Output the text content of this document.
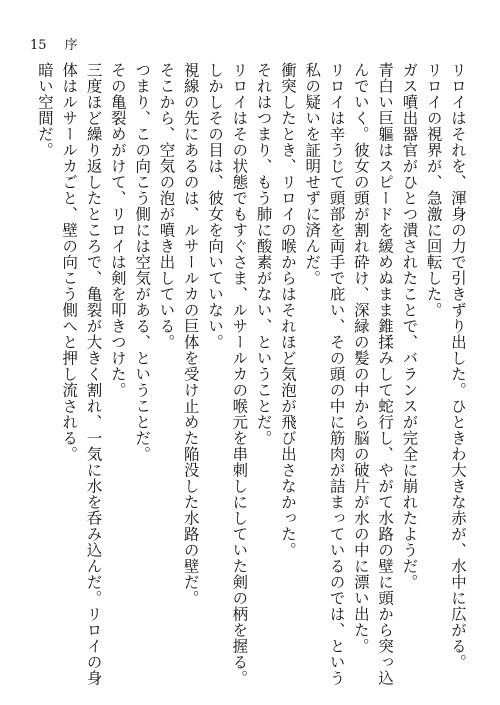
15 序
リロイはそれを、渾身の力で引きずり出した。ひときわ大きな赤が、水中に広がる。
リロイの視界が、急激に回転した。
ガス噴出器官がひとつ潰されたことで、バランスが完全に崩れたようだ。
青白い巨軀はスピードを緩めぬまま錐揉みして蛇行し、やがて水路の壁に頭から突っ込
んでいく。彼女の頭が割れ砕け、深緑の髪の中から脳の破片が水の中に漂い出た。
リロイは辛うじて頭部を両手で庇い、その頭の中に筋肉が詰まっているのでは、という
私の疑いを証明せずに済んだ。
衝突したとき、リロイの喉からはそれほど気泡が飛び出さなかった。
それはつまり、もう肺に酸素がない、ということだ。
リロイはその状態でもすぐさま、ルサールカの喉元を串刺しにしていた剣の柄を握る。
しかしその目は、彼女を向いていない。
視線の先にあるのは、ルサールカの巨体を受け止めた陥没した水路の壁だ。
そこから、空気の泡が噴き出している。
つまり、この向こう側には空気がある、ということだ。
その亀裂めがけて、リロイは剣を叩きつけた。
三度ほど繰り返したところで、亀裂が大きく割れ、一気に水を呑み込んだ。リロイの身
体はルサールカごと、壁の向こう側へと押し流される。
暗い空間だ。
